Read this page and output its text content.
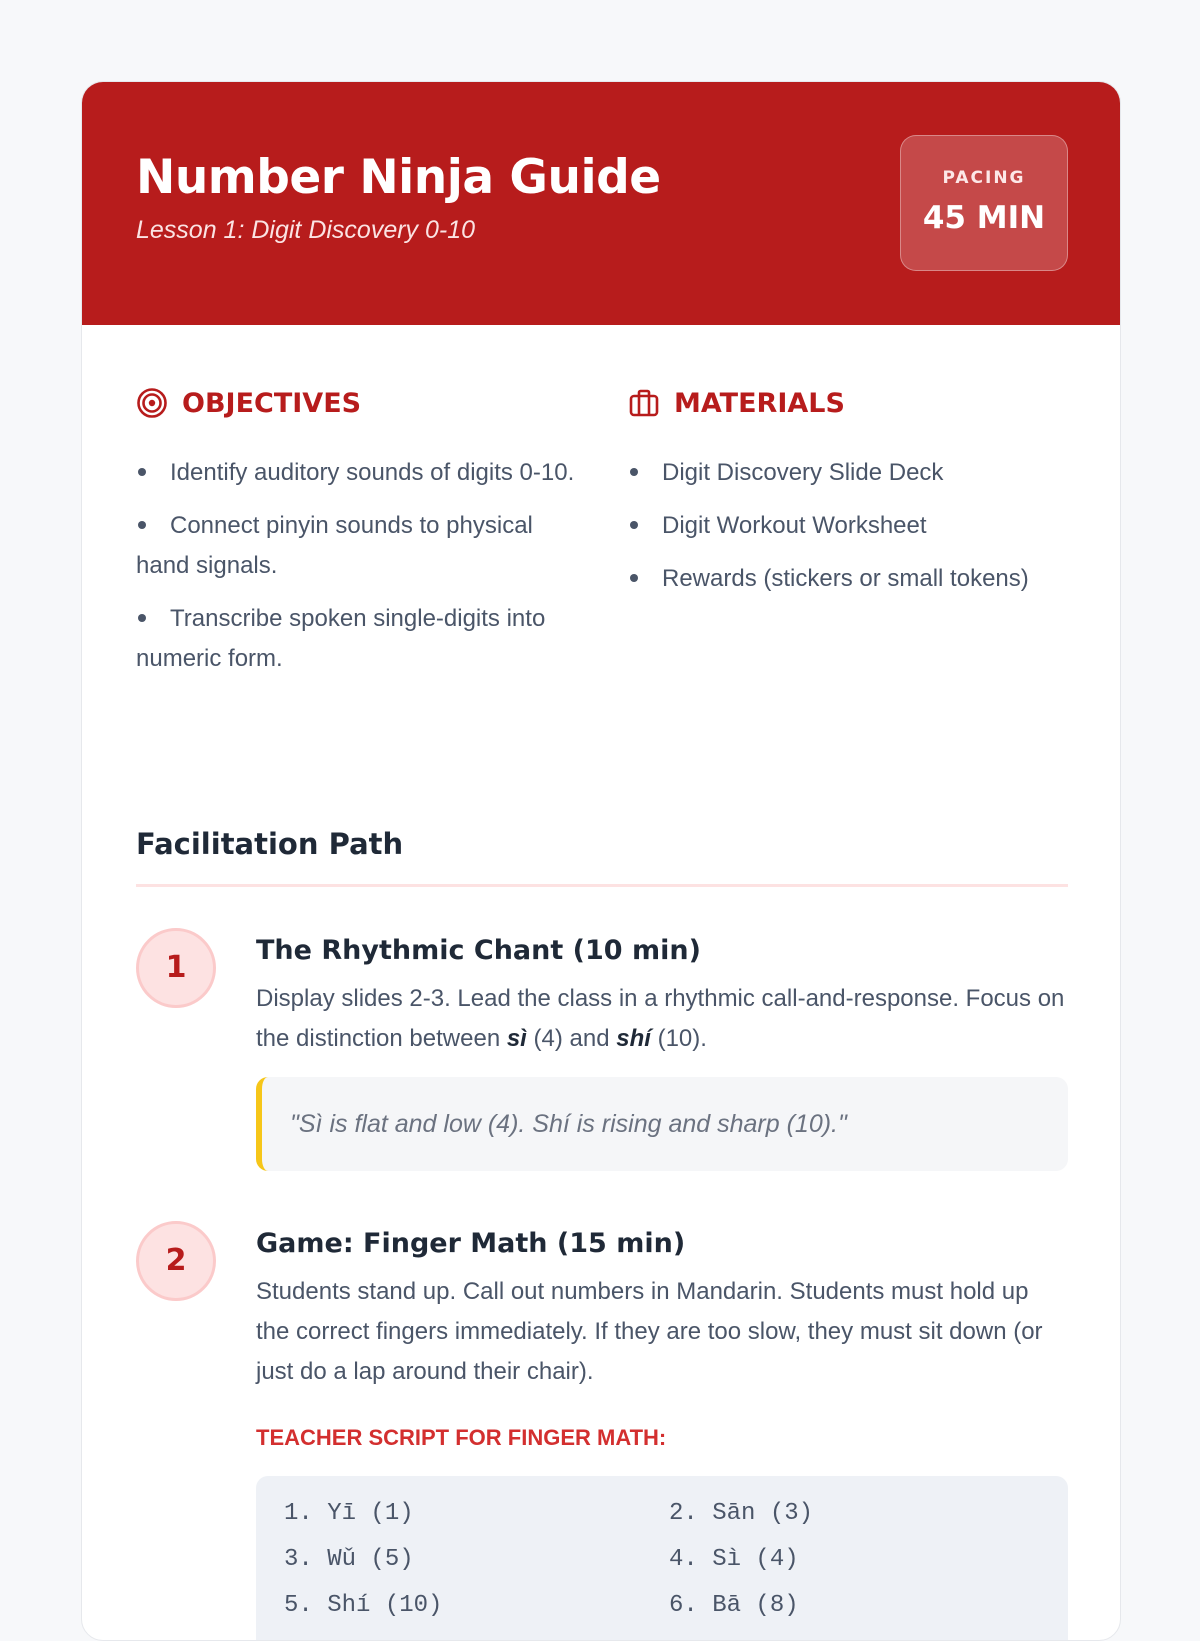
Number Ninja Guide
Lesson 1: Digit Discovery 0-10
PACING
45 MIN
OBJECTIVES
Identify auditory sounds of digits 0-10.
Connect pinyin sounds to physical hand signals.
Transcribe spoken single-digits into numeric form.
MATERIALS
Digit Discovery Slide Deck
Digit Workout Worksheet
Rewards (stickers or small tokens)
Facilitation Path
1	The Rhythmic Chant (10 min)
Display slides 2-3. Lead the class in a rhythmic call-and-response. Focus on the distinction between sì (4) and shí (10).
"Sì is flat and low (4). Shí is rising and sharp (10)."
2	Game: Finger Math (15 min)
Students stand up. Call out numbers in Mandarin. Students must hold up the correct fingers immediately. If they are too slow, they must sit down (or just do a lap around their chair).
TEACHER SCRIPT FOR FINGER MATH:
1. Yī (1)	2. Sān (3)
3. Wǔ (5)	4. Sì (4)
5. Shí (10)	6. Bā (8)
